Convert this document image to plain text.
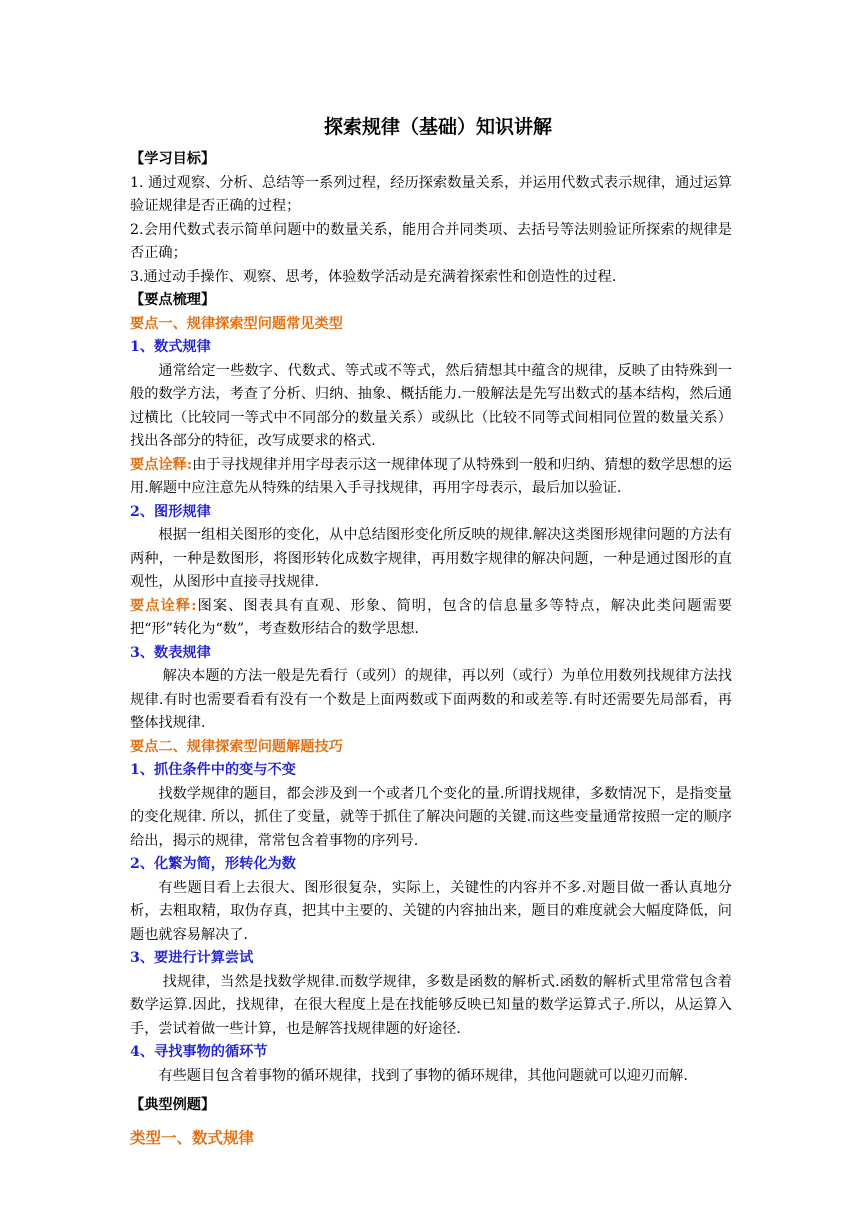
探索规律（基础）知识讲解

【学习目标】

1. 通过观察、分析、总结等一系列过程，经历探索数量关系，并运用代数式表示规律，通过运算验证规律是否正确的过程；

2.会用代数式表示简单问题中的数量关系，能用合并同类项、去括号等法则验证所探索的规律是否正确；

3.通过动手操作、观察、思考，体验数学活动是充满着探索性和创造性的过程.

【要点梳理】

要点一、规律探索型问题常见类型

1、数式规律

通常给定一些数字、代数式、等式或不等式，然后猜想其中蕴含的规律，反映了由特殊到一般的数学方法，考查了分析、归纳、抽象、概括能力.一般解法是先写出数式的基本结构，然后通过横比（比较同一等式中不同部分的数量关系）或纵比（比较不同等式间相同位置的数量关系）找出各部分的特征，改写成要求的格式.

要点诠释:由于寻找规律并用字母表示这一规律体现了从特殊到一般和归纳、猜想的数学思想的运用.解题中应注意先从特殊的结果入手寻找规律，再用字母表示，最后加以验证.

2、图形规律

根据一组相关图形的变化，从中总结图形变化所反映的规律.解决这类图形规律问题的方法有两种，一种是数图形，将图形转化成数字规律，再用数字规律的解决问题，一种是通过图形的直观性，从图形中直接寻找规律.

要点诠释:图案、图表具有直观、形象、简明，包含的信息量多等特点，解决此类问题需要把“形”转化为“数”，考查数形结合的数学思想.

3、数表规律

解决本题的方法一般是先看行（或列）的规律，再以列（或行）为单位用数列找规律方法找规律.有时也需要看看有没有一个数是上面两数或下面两数的和或差等.有时还需要先局部看，再整体找规律.

要点二、规律探索型问题解题技巧

1、抓住条件中的变与不变

找数学规律的题目，都会涉及到一个或者几个变化的量.所谓找规律，多数情况下，是指变量的变化规律. 所以，抓住了变量，就等于抓住了解决问题的关键.而这些变量通常按照一定的顺序给出，揭示的规律，常常包含着事物的序列号.

2、化繁为简，形转化为数

有些题目看上去很大、图形很复杂，实际上，关键性的内容并不多.对题目做一番认真地分析，去粗取精，取伪存真，把其中主要的、关键的内容抽出来，题目的难度就会大幅度降低，问题也就容易解决了.

3、要进行计算尝试

找规律，当然是找数学规律.而数学规律，多数是函数的解析式.函数的解析式里常常包含着数学运算.因此，找规律，在很大程度上是在找能够反映已知量的数学运算式子.所以，从运算入手，尝试着做一些计算，也是解答找规律题的好途径.

4、寻找事物的循环节

有些题目包含着事物的循环规律，找到了事物的循环规律，其他问题就可以迎刃而解.

【典型例题】

类型一、数式规律
